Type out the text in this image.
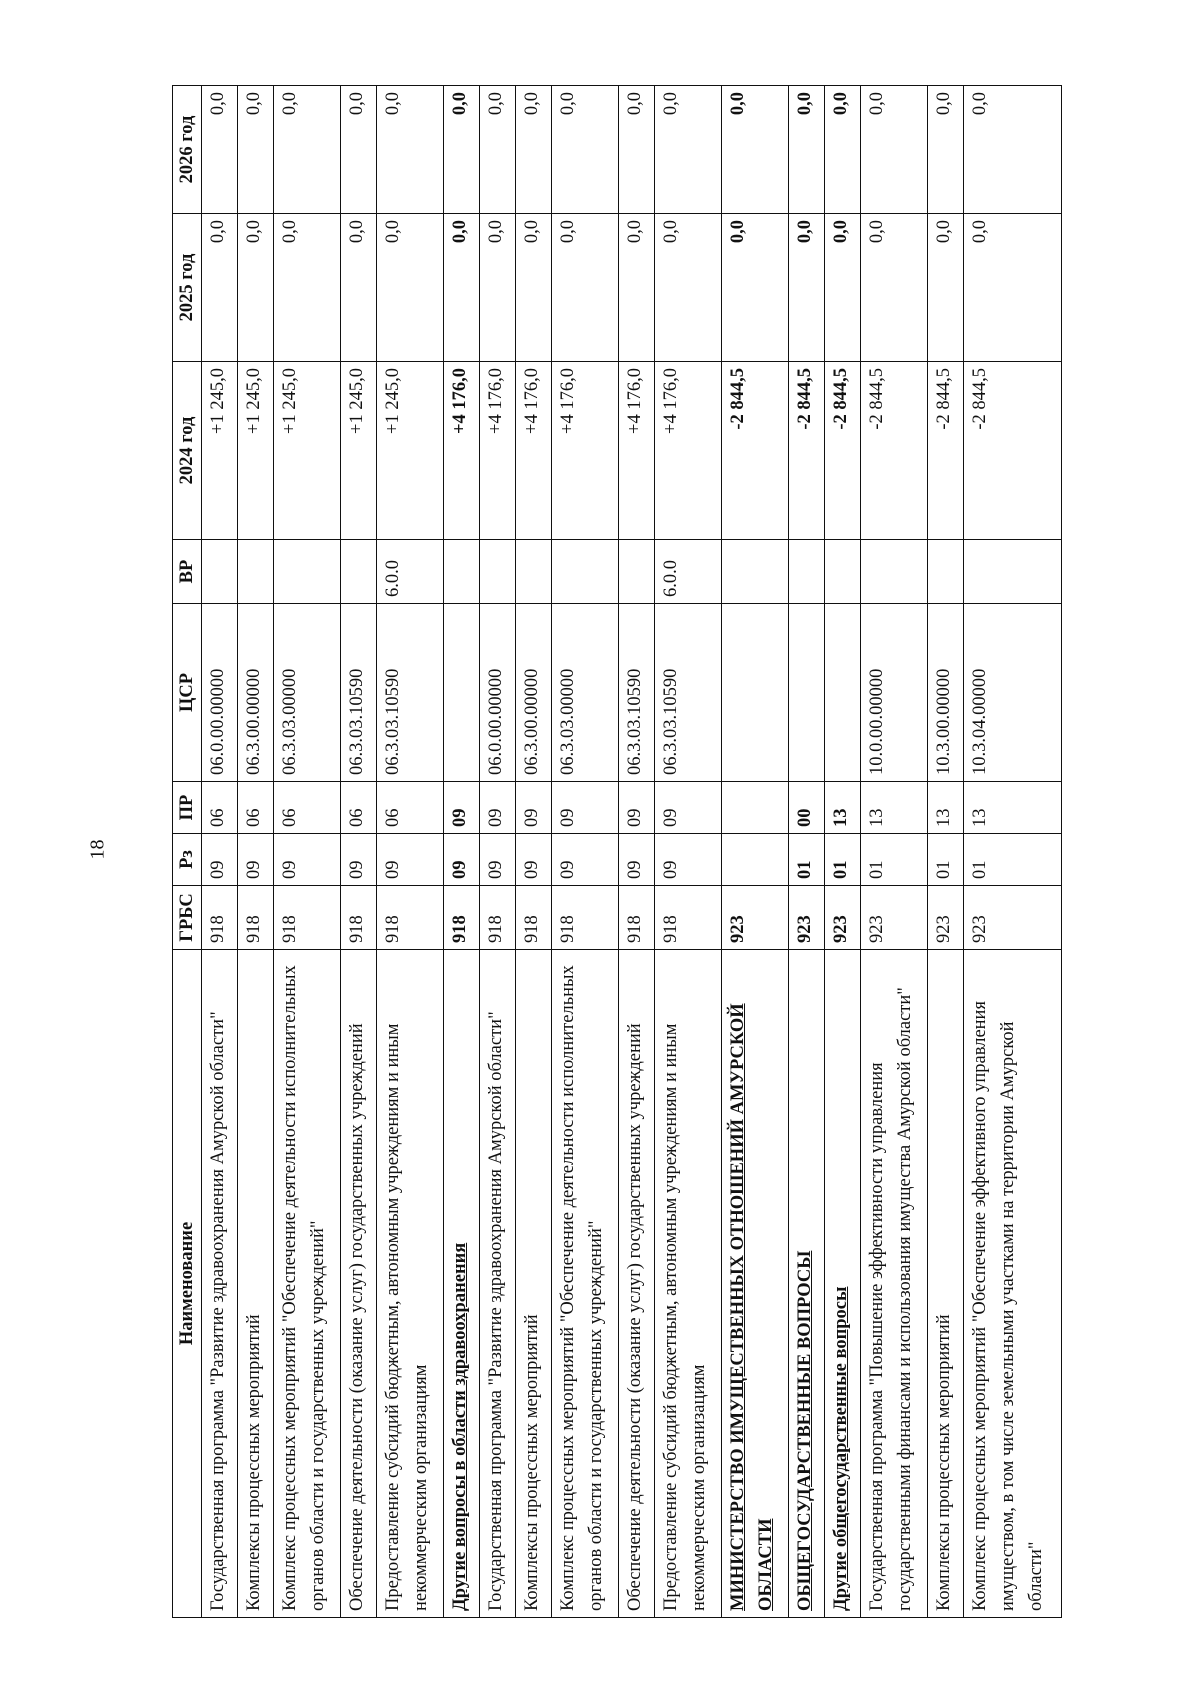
18
Наименование	ГРБС	Рз	ПР	ЦСР	ВР	2024 год	2025 год	2026 год
Государственная программа "Развитие здравоохранения Амурской области"	918	09	06	06.0.00.00000		+1 245,0	0,0	0,0
Комплексы процессных мероприятий	918	09	06	06.3.00.00000		+1 245,0	0,0	0,0
Комплекс процессных мероприятий "Обеспечение деятельности исполнительных органов области и государственных учреждений"	918	09	06	06.3.03.00000		+1 245,0	0,0	0,0
Обеспечение деятельности (оказание услуг) государственных учреждений	918	09	06	06.3.03.10590		+1 245,0	0,0	0,0
Предоставление субсидий бюджетным, автономным учреждениям и иным некоммерческим организациям	918	09	06	06.3.03.10590	6.0.0	+1 245,0	0,0	0,0
Другие вопросы в области здравоохранения	918	09	09			+4 176,0	0,0	0,0
Государственная программа "Развитие здравоохранения Амурской области"	918	09	09	06.0.00.00000		+4 176,0	0,0	0,0
Комплексы процессных мероприятий	918	09	09	06.3.00.00000		+4 176,0	0,0	0,0
Комплекс процессных мероприятий "Обеспечение деятельности исполнительных органов области и государственных учреждений"	918	09	09	06.3.03.00000		+4 176,0	0,0	0,0
Обеспечение деятельности (оказание услуг) государственных учреждений	918	09	09	06.3.03.10590		+4 176,0	0,0	0,0
Предоставление субсидий бюджетным, автономным учреждениям и иным некоммерческим организациям	918	09	09	06.3.03.10590	6.0.0	+4 176,0	0,0	0,0
МИНИСТЕРСТВО ИМУЩЕСТВЕННЫХ ОТНОШЕНИЙ АМУРСКОЙ ОБЛАСТИ	923					-2 844,5	0,0	0,0
ОБЩЕГОСУДАРСТВЕННЫЕ ВОПРОСЫ	923	01	00			-2 844,5	0,0	0,0
Другие общегосударственные вопросы	923	01	13			-2 844,5	0,0	0,0
Государственная программа "Повышение эффективности управления государственными финансами и использования имущества Амурской области"	923	01	13	10.0.00.00000		-2 844,5	0,0	0,0
Комплексы процессных мероприятий	923	01	13	10.3.00.00000		-2 844,5	0,0	0,0
Комплекс процессных мероприятий "Обеспечение эффективного управления имуществом, в том числе земельными участками на территории Амурской области"	923	01	13	10.3.04.00000		-2 844,5	0,0	0,0
